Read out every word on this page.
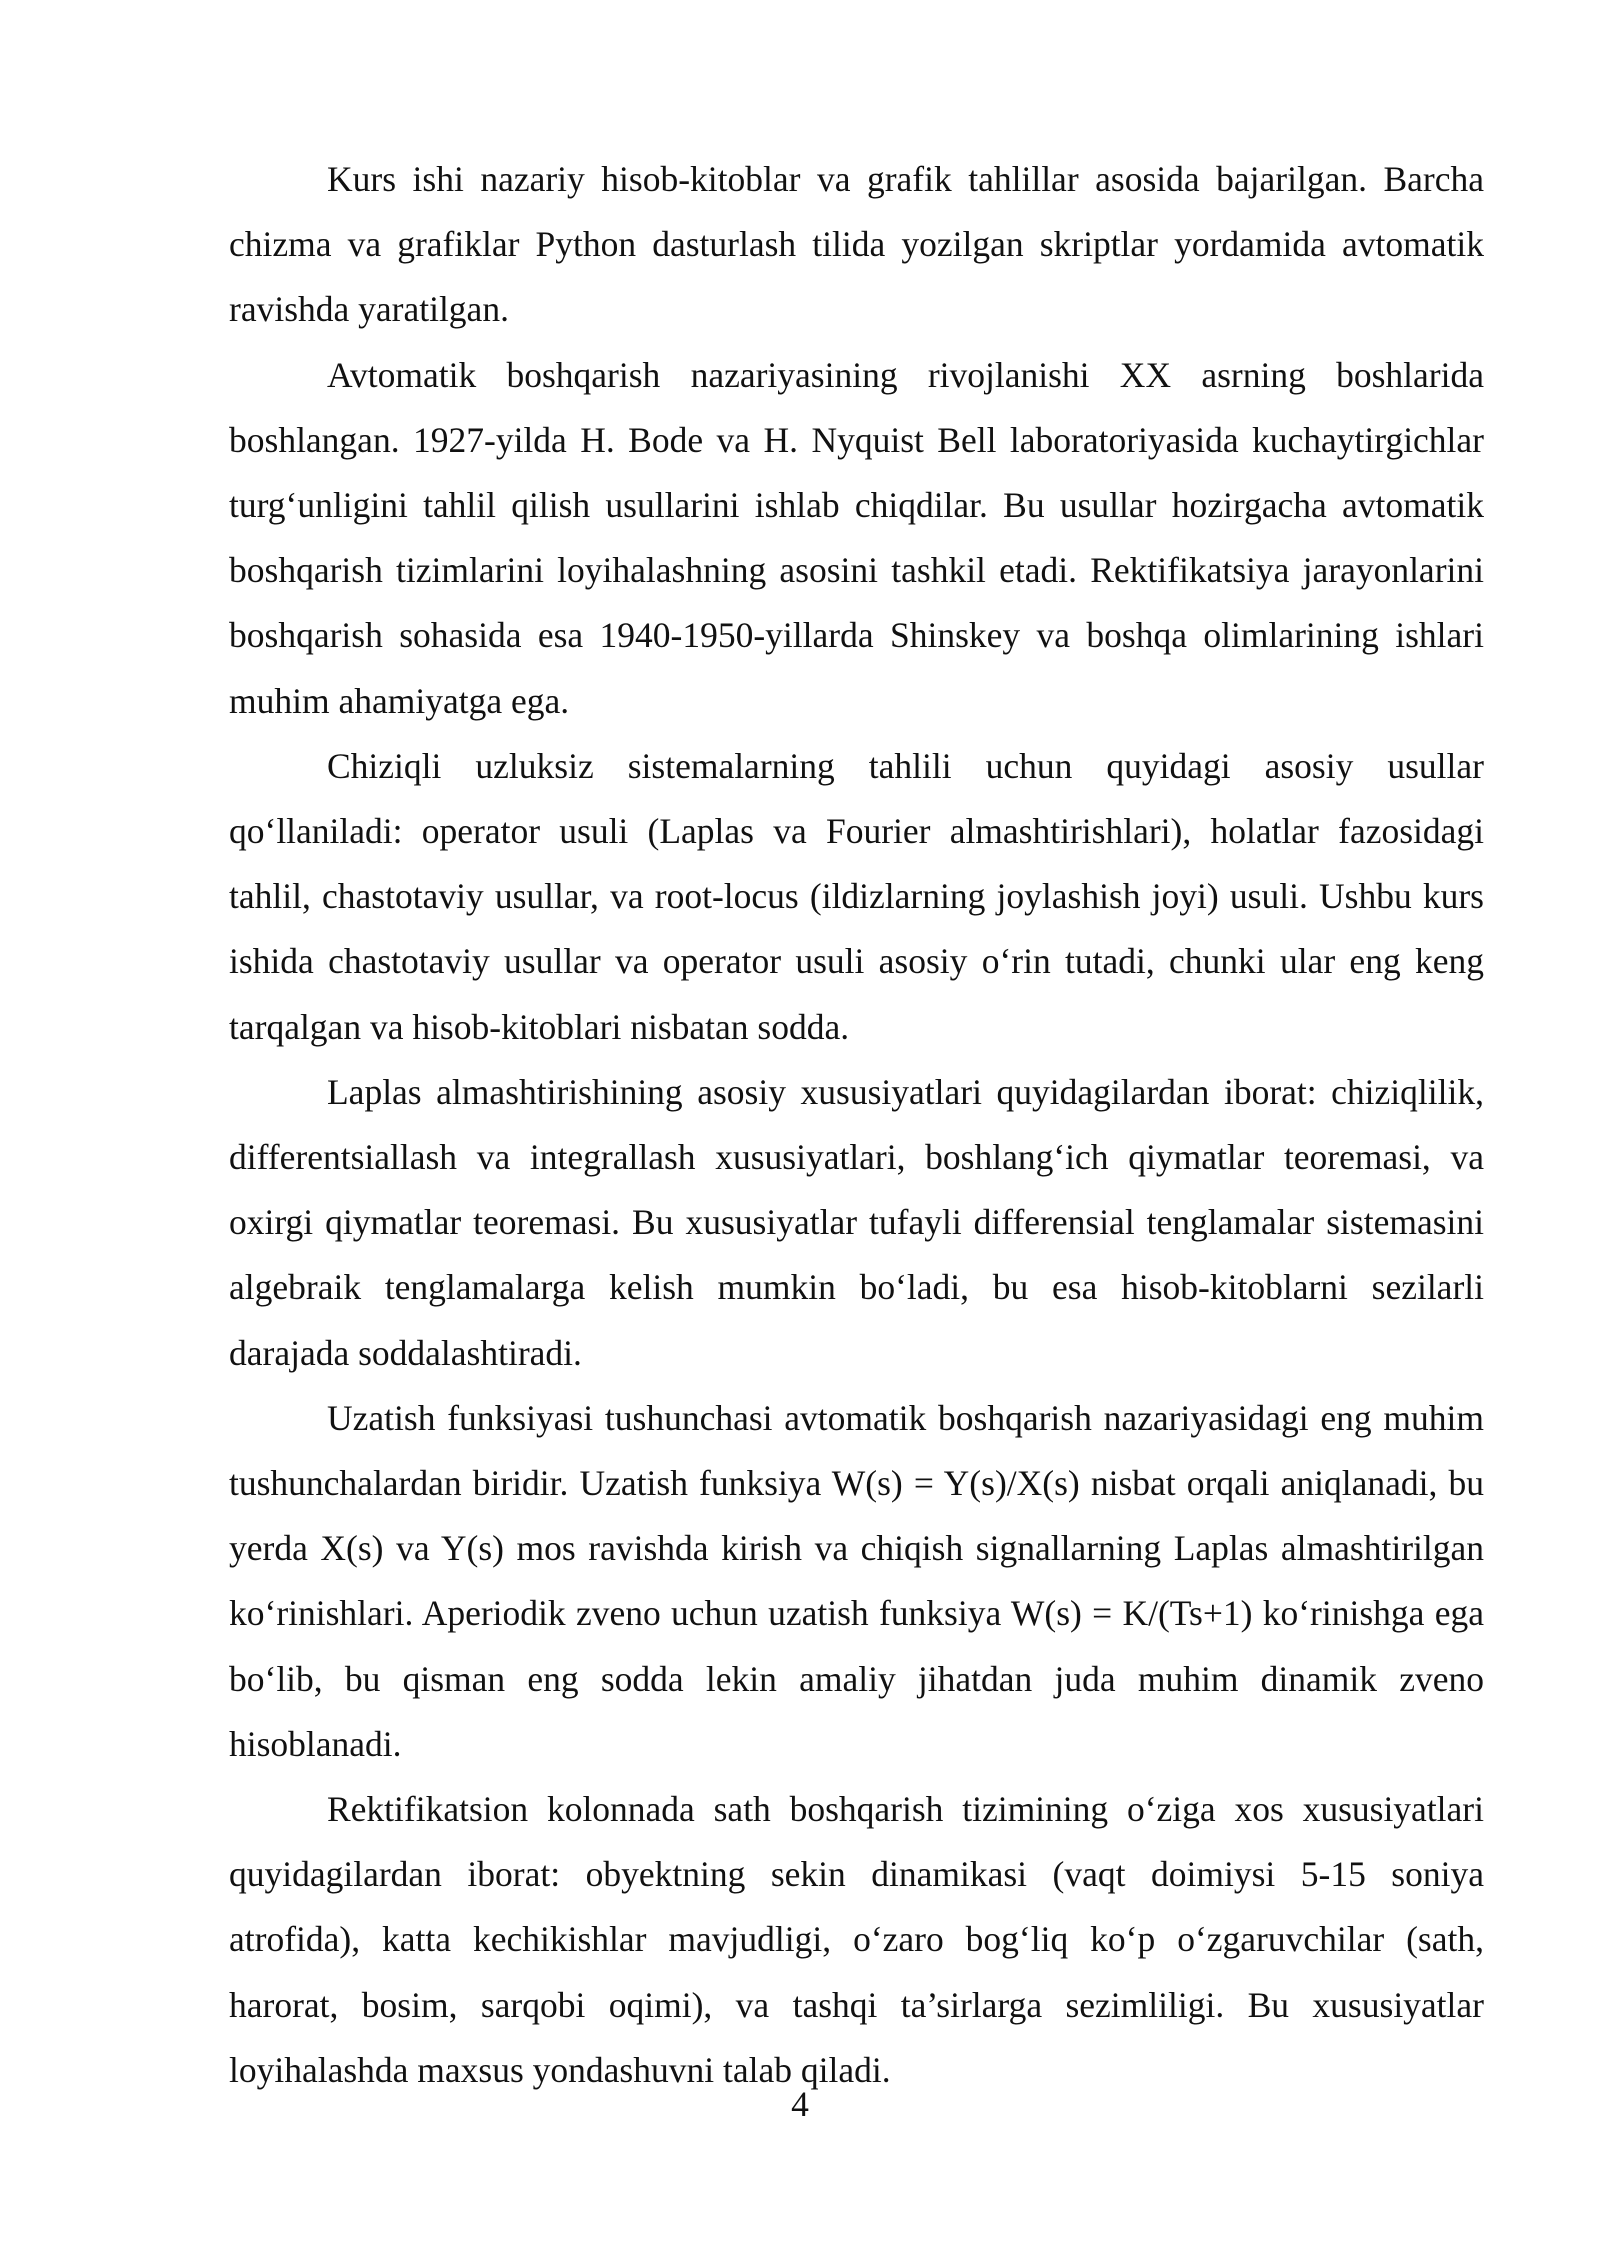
Kurs ishi nazariy hisob-kitoblar va grafik tahlillar asosida bajarilgan. Barcha chizma va grafiklar Python dasturlash tilida yozilgan skriptlar yordamida avtomatik ravishda yaratilgan.

Avtomatik boshqarish nazariyasining rivojlanishi XX asrning boshlarida boshlangan. 1927-yilda H. Bode va H. Nyquist Bell laboratoriyasida kuchaytirgichlar turg‘unligini tahlil qilish usullarini ishlab chiqdilar. Bu usullar hozirgacha avtomatik boshqarish tizimlarini loyihalashning asosini tashkil etadi. Rektifikatsiya jarayonlarini boshqarish sohasida esa 1940-1950-yillarda Shinskey va boshqa olimlarining ishlari muhim ahamiyatga ega.

Chiziqli uzluksiz sistemalarning tahlili uchun quyidagi asosiy usullar qo‘llaniladi: operator usuli (Laplas va Fourier almashtirishlari), holatlar fazosidagi tahlil, chastotaviy usullar, va root-locus (ildizlarning joylashish joyi) usuli. Ushbu kurs ishida chastotaviy usullar va operator usuli asosiy o‘rin tutadi, chunki ular eng keng tarqalgan va hisob-kitoblari nisbatan sodda.

Laplas almashtirishining asosiy xususiyatlari quyidagilardan iborat: chiziqlilik, differentsiallash va integrallash xususiyatlari, boshlang‘ich qiymatlar teoremasi, va oxirgi qiymatlar teoremasi. Bu xususiyatlar tufayli differensial tenglamalar sistemasini algebraik tenglamalarga kelish mumkin bo‘ladi, bu esa hisob-kitoblarni sezilarli darajada soddalashtiradi.

Uzatish funksiyasi tushunchasi avtomatik boshqarish nazariyasidagi eng muhim tushunchalardan biridir. Uzatish funksiya W(s) = Y(s)/X(s) nisbat orqali aniqlanadi, bu yerda X(s) va Y(s) mos ravishda kirish va chiqish signallarning Laplas almashtirilgan ko‘rinishlari. Aperiodik zveno uchun uzatish funksiya W(s) = K/(Ts+1) ko‘rinishga ega bo‘lib, bu qisman eng sodda lekin amaliy jihatdan juda muhim dinamik zveno hisoblanadi.

Rektifikatsion kolonnada sath boshqarish tizimining o‘ziga xos xususiyatlari quyidagilardan iborat: obyektning sekin dinamikasi (vaqt doimiysi 5-15 soniya atrofida), katta kechikishlar mavjudligi, o‘zaro bog‘liq ko‘p o‘zgaruvchilar (sath, harorat, bosim, sarqobi oqimi), va tashqi ta’sirlarga sezimliligi. Bu xususiyatlar loyihalashda maxsus yondashuvni talab qiladi.

4
